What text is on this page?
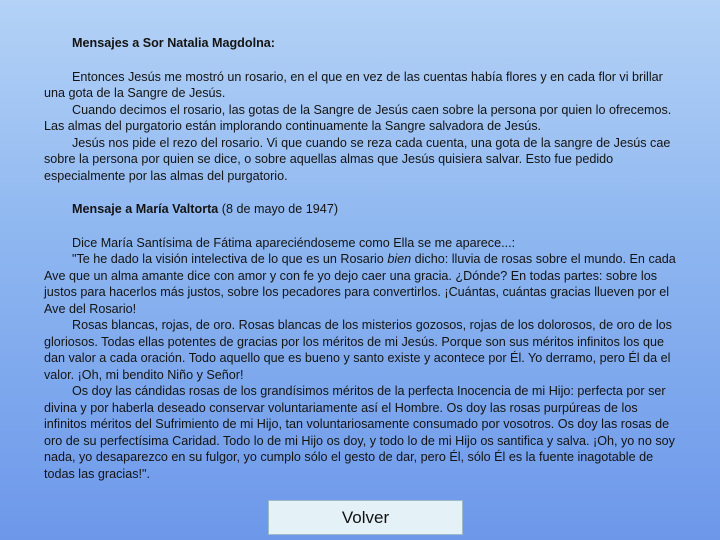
Mensajes a Sor Natalia Magdolna:

Entonces Jesús me mostró un rosario, en el que en vez de las cuentas había flores y en cada flor vi brillar una gota de la Sangre de Jesús.

Cuando decimos el rosario, las gotas de la Sangre de Jesús caen sobre la persona por quien lo ofrecemos. Las almas del purgatorio están implorando continuamente la Sangre salvadora de Jesús.

Jesús nos pide el rezo del rosario. Vi que cuando se reza cada cuenta, una gota de la sangre de Jesús cae sobre la persona por quien se dice, o sobre aquellas almas que Jesús quisiera salvar. Esto fue pedido especialmente por las almas del purgatorio.

Mensaje a María Valtorta (8 de mayo de 1947)

Dice María Santísima de Fátima apareciéndoseme como Ella se me aparece...:

"Te he dado la visión intelectiva de lo que es un Rosario bien dicho: lluvia de rosas sobre el mundo. En cada Ave que un alma amante dice con amor y con fe yo dejo caer una gracia. ¿Dónde? En todas partes: sobre los justos para hacerlos más justos, sobre los pecadores para convertirlos. ¡Cuántas, cuántas gracias llueven por el Ave del Rosario!

Rosas blancas, rojas, de oro. Rosas blancas de los misterios gozosos, rojas de los dolorosos, de oro de los gloriosos. Todas ellas potentes de gracias por los méritos de mi Jesús. Porque son sus méritos infinitos los que dan valor a cada oración. Todo aquello que es bueno y santo existe y acontece por Él. Yo derramo, pero Él da el valor. ¡Oh, mi bendito Niño y Señor!

Os doy las cándidas rosas de los grandísimos méritos de la perfecta Inocencia de mi Hijo: perfecta por ser divina y por haberla deseado conservar voluntariamente así el Hombre. Os doy las rosas purpúreas de los infinitos méritos del Sufrimiento de mi Hijo, tan voluntariosamente consumado por vosotros. Os doy las rosas de oro de su perfectísima Caridad. Todo lo de mi Hijo os doy, y todo lo de mi Hijo os santifica y salva. ¡Oh, yo no soy nada, yo desaparezco en su fulgor, yo cumplo sólo el gesto de dar, pero Él, sólo Él es la fuente inagotable de todas las gracias!".

Volver
